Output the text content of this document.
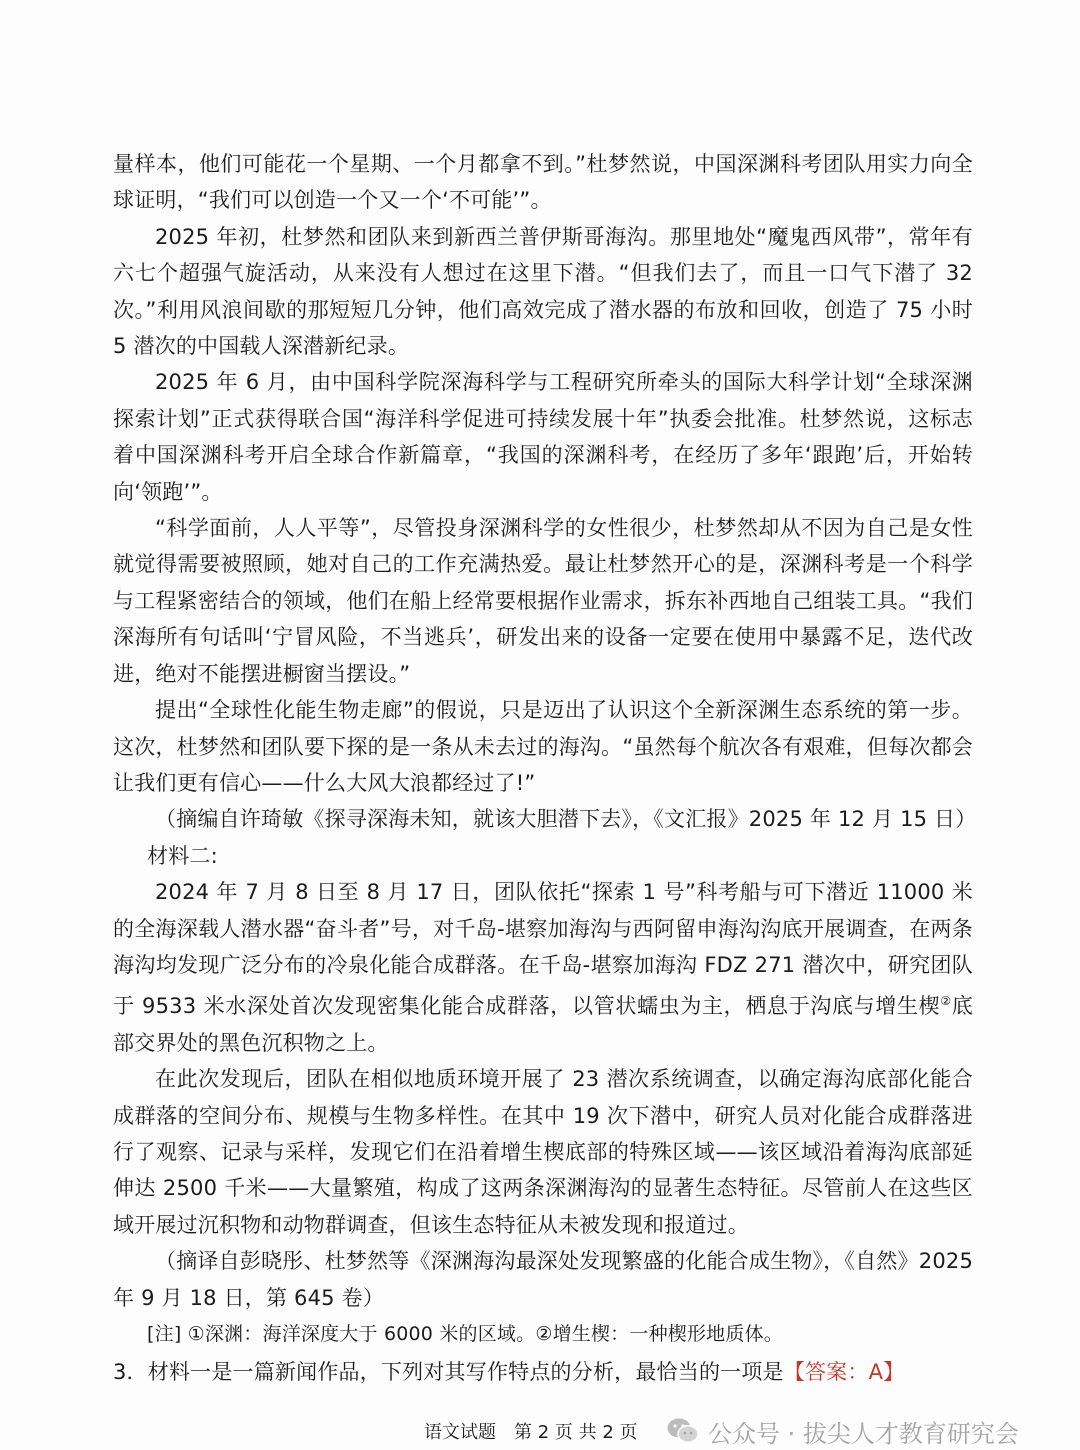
量样本，他们可能花一个星期、一个月都拿不到。”杜梦然说，中国深渊科考团队用实力向全球证明，“我们可以创造一个又一个‘不可能’”。

2025 年初，杜梦然和团队来到新西兰普伊斯哥海沟。那里地处“魔鬼西风带”，常年有六七个超强气旋活动，从来没有人想过在这里下潜。“但我们去了，而且一口气下潜了 32 次。”利用风浪间歇的那短短几分钟，他们高效完成了潜水器的布放和回收，创造了 75 小时 5 潜次的中国载人深潜新纪录。

2025 年 6 月，由中国科学院深海科学与工程研究所牵头的国际大科学计划“全球深渊探索计划”正式获得联合国“海洋科学促进可持续发展十年”执委会批准。杜梦然说，这标志着中国深渊科考开启全球合作新篇章，“我国的深渊科考，在经历了多年‘跟跑’后，开始转向‘领跑’”。

“科学面前，人人平等”，尽管投身深渊科学的女性很少，杜梦然却从不因为自己是女性就觉得需要被照顾，她对自己的工作充满热爱。最让杜梦然开心的是，深渊科考是一个科学与工程紧密结合的领域，他们在船上经常要根据作业需求，拆东补西地自己组装工具。“我们深海所有句话叫‘宁冒风险，不当逃兵’，研发出来的设备一定要在使用中暴露不足，迭代改进，绝对不能摆进橱窗当摆设。”

提出“全球性化能生物走廊”的假说，只是迈出了认识这个全新深渊生态系统的第一步。这次，杜梦然和团队要下探的是一条从未去过的海沟。“虽然每个航次各有艰难，但每次都会让我们更有信心——什么大风大浪都经过了!”

（摘编自许琦敏《探寻深海未知，就该大胆潜下去》，《文汇报》2025 年 12 月 15 日）

材料二:

2024 年 7 月 8 日至 8 月 17 日，团队依托“探索 1 号”科考船与可下潜近 11000 米的全海深载人潜水器“奋斗者”号，对千岛-堪察加海沟与西阿留申海沟沟底开展调查，在两条海沟均发现广泛分布的冷泉化能合成群落。在千岛-堪察加海沟 FDZ 271 潜次中，研究团队于 9533 米水深处首次发现密集化能合成群落，以管状蠕虫为主，栖息于沟底与增生楔②底部交界处的黑色沉积物之上。

在此次发现后，团队在相似地质环境开展了 23 潜次系统调查，以确定海沟底部化能合成群落的空间分布、规模与生物多样性。在其中 19 次下潜中，研究人员对化能合成群落进行了观察、记录与采样，发现它们在沿着增生楔底部的特殊区域——该区域沿着海沟底部延伸达 2500 千米——大量繁殖，构成了这两条深渊海沟的显著生态特征。尽管前人在这些区域开展过沉积物和动物群调查，但该生态特征从未被发现和报道过。

（摘译自彭晓彤、杜梦然等《深渊海沟最深处发现繁盛的化能合成生物》，《自然》2025 年 9 月 18 日，第 645 卷）

[注] ①深渊：海洋深度大于 6000 米的区域。②增生楔：一种楔形地质体。

3．材料一是一篇新闻作品，下列对其写作特点的分析，最恰当的一项是【答案：A】

语文试题　第 2 页 共 2 页	公众号 · 拔尖人才教育研究会
